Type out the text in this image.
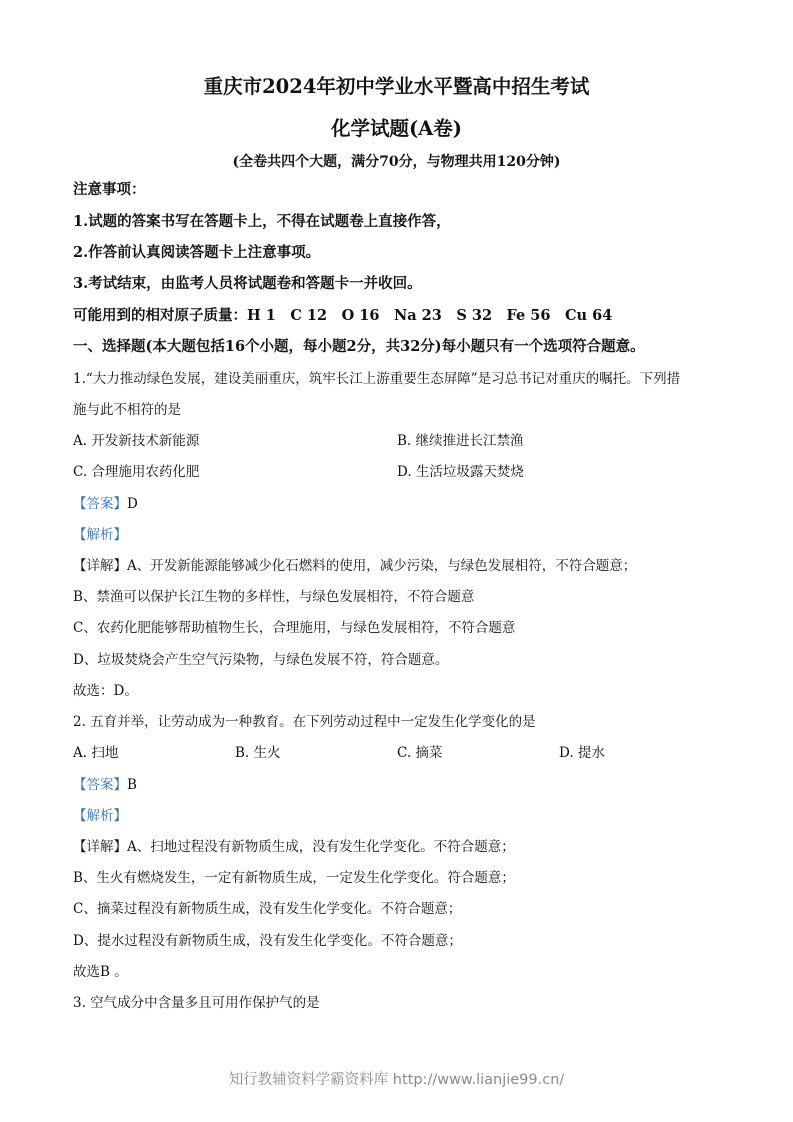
重庆市2024年初中学业水平暨高中招生考试
化学试题(A卷)
(全卷共四个大题，满分70分，与物理共用120分钟)
注意事项：
1.试题的答案书写在答题卡上，不得在试题卷上直接作答，
2.作答前认真阅读答题卡上注意事项。
3.考试结束，由监考人员将试题卷和答题卡一并收回。
可能用到的相对原子质量：H 1　C 12　O 16　Na 23　S 32　Fe 56　Cu 64
一、选择题(本大题包括16个小题，每小题2分，共32分)每小题只有一个选项符合题意。
1.“大力推动绿色发展，建设美丽重庆，筑牢长江上游重要生态屏障”是习总书记对重庆的嘱托。下列措
施与此不相符的是
A. 开发新技术新能源	B. 继续推进长江禁渔
C. 合理施用农药化肥	D. 生活垃圾露天焚烧
【答案】D
【解析】
【详解】A、开发新能源能够减少化石燃料的使用，减少污染，与绿色发展相符，不符合题意；
B、禁渔可以保护长江生物的多样性，与绿色发展相符，不符合题意
C、农药化肥能够帮助植物生长，合理施用，与绿色发展相符，不符合题意
D、垃圾焚烧会产生空气污染物，与绿色发展不符，符合题意。
故选：D。
2. 五育并举，让劳动成为一种教育。在下列劳动过程中一定发生化学变化的是
A. 扫地	B. 生火	C. 摘菜	D. 提水
【答案】B
【解析】
【详解】A、扫地过程没有新物质生成，没有发生化学变化。不符合题意；
B、生火有燃烧发生，一定有新物质生成，一定发生化学变化。符合题意；
C、摘菜过程没有新物质生成，没有发生化学变化。不符合题意；
D、提水过程没有新物质生成，没有发生化学变化。不符合题意；
故选B 。
3. 空气成分中含量多且可用作保护气的是
知行教辅资料学霸资料库 http://www.lianjie99.cn/
